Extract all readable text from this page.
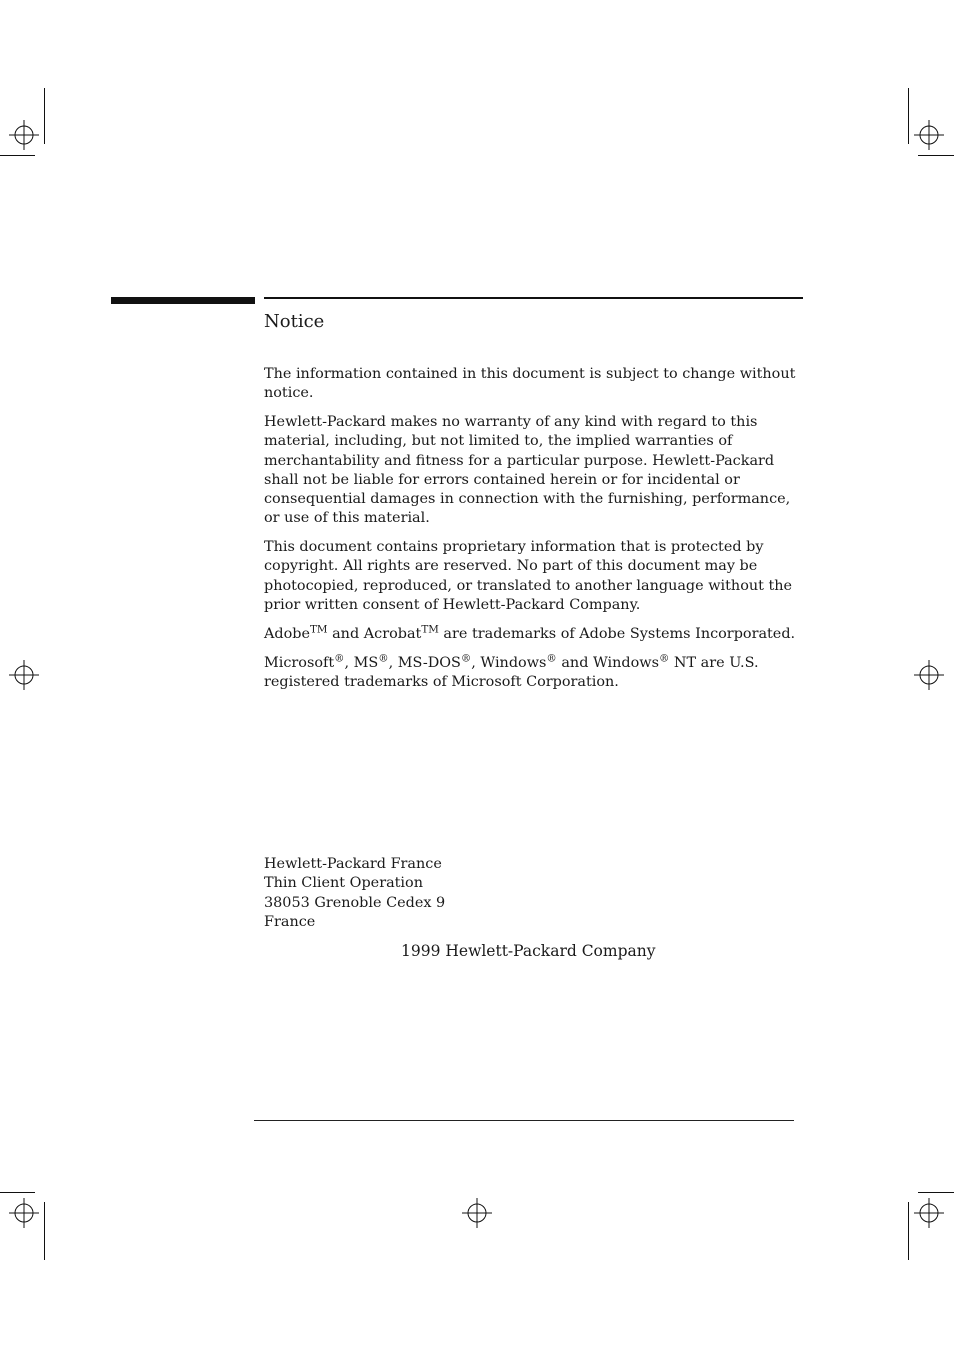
Notice

The information contained in this document is subject to change without notice.

Hewlett-Packard makes no warranty of any kind with regard to this material, including, but not limited to, the implied warranties of merchantability and fitness for a particular purpose. Hewlett-Packard shall not be liable for errors contained herein or for incidental or consequential damages in connection with the furnishing, performance, or use of this material.

This document contains proprietary information that is protected by copyright. All rights are reserved. No part of this document may be photocopied, reproduced, or translated to another language without the prior written consent of Hewlett-Packard Company.

Adobe™ and Acrobat™ are trademarks of Adobe Systems Incorporated.

Microsoft®, MS®, MS-DOS®, Windows® and Windows® NT are U.S. registered trademarks of Microsoft Corporation.

Hewlett-Packard France
Thin Client Operation
38053 Grenoble Cedex 9
France
1999 Hewlett-Packard Company
